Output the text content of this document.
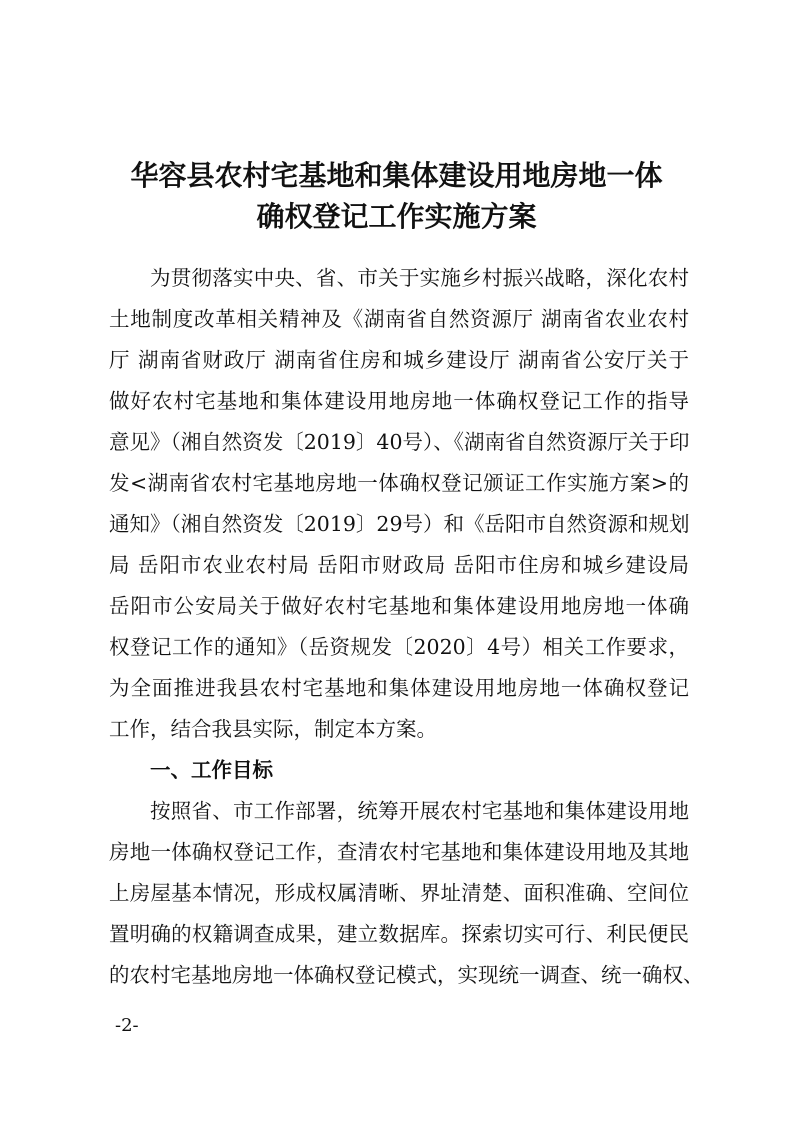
华容县农村宅基地和集体建设用地房地一体
确权登记工作实施方案
为贯彻落实中央、省、市关于实施乡村振兴战略，深化农村
土地制度改革相关精神及《湖南省自然资源厅 湖南省农业农村
厅 湖南省财政厅 湖南省住房和城乡建设厅 湖南省公安厅关于
做好农村宅基地和集体建设用地房地一体确权登记工作的指导
意见》（湘自然资发〔2019〕40号）、《湖南省自然资源厅关于印
发<湖南省农村宅基地房地一体确权登记颁证工作实施方案>的
通知》（湘自然资发〔2019〕29号）和《岳阳市自然资源和规划
局 岳阳市农业农村局 岳阳市财政局 岳阳市住房和城乡建设局
岳阳市公安局关于做好农村宅基地和集体建设用地房地一体确
权登记工作的通知》（岳资规发〔2020〕4号）相关工作要求，
为全面推进我县农村宅基地和集体建设用地房地一体确权登记
工作，结合我县实际，制定本方案。
一、工作目标
按照省、市工作部署，统筹开展农村宅基地和集体建设用地
房地一体确权登记工作，查清农村宅基地和集体建设用地及其地
上房屋基本情况，形成权属清晰、界址清楚、面积准确、空间位
置明确的权籍调查成果，建立数据库。探索切实可行、利民便民
的农村宅基地房地一体确权登记模式，实现统一调查、统一确权、
-2-
